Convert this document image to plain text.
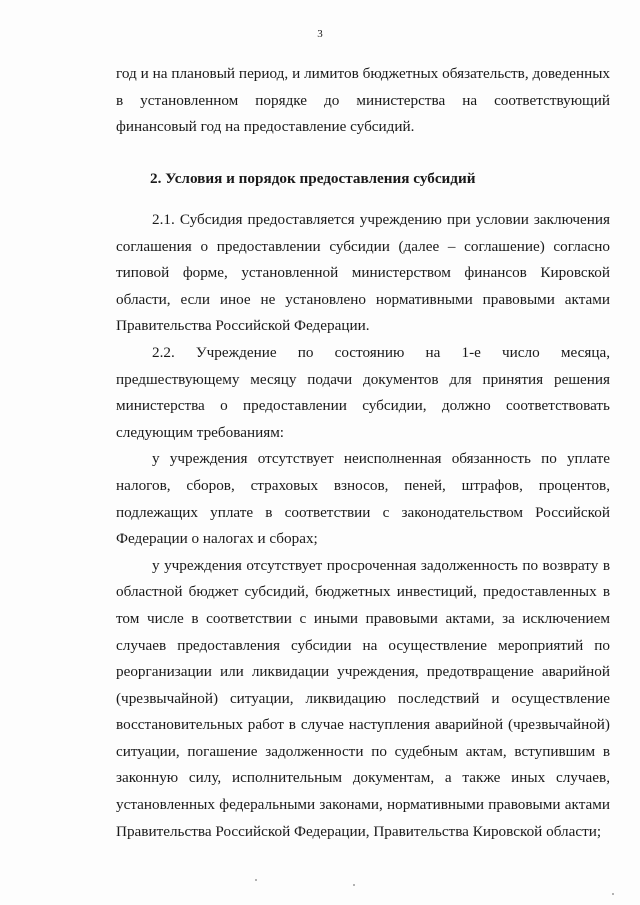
3

год и на плановый период, и лимитов бюджетных обязательств, доведенных в установленном порядке до министерства на соответствующий финансовый год на предоставление субсидий.

2. Условия и порядок предоставления субсидий

2.1. Субсидия предоставляется учреждению при условии заключения соглашения о предоставлении субсидии (далее – соглашение) согласно типовой форме, установленной министерством финансов Кировской области, если иное не установлено нормативными правовыми актами Правительства Российской Федерации.

2.2. Учреждение по состоянию на 1-е число месяца, предшествующему месяцу подачи документов для принятия решения министерства о предоставлении субсидии, должно соответствовать следующим требованиям:

у учреждения отсутствует неисполненная обязанность по уплате налогов, сборов, страховых взносов, пеней, штрафов, процентов, подлежащих уплате в соответствии с законодательством Российской Федерации о налогах и сборах;

у учреждения отсутствует просроченная задолженность по возврату в областной бюджет субсидий, бюджетных инвестиций, предоставленных в том числе в соответствии с иными правовыми актами, за исключением случаев предоставления субсидии на осуществление мероприятий по реорганизации или ликвидации учреждения, предотвращение аварийной (чрезвычайной) ситуации, ликвидацию последствий и осуществление восстановительных работ в случае наступления аварийной (чрезвычайной) ситуации, погашение задолженности по судебным актам, вступившим в законную силу, исполнительным документам, а также иных случаев, установленных федеральными законами, нормативными правовыми актами Правительства Российской Федерации, Правительства Кировской области;
